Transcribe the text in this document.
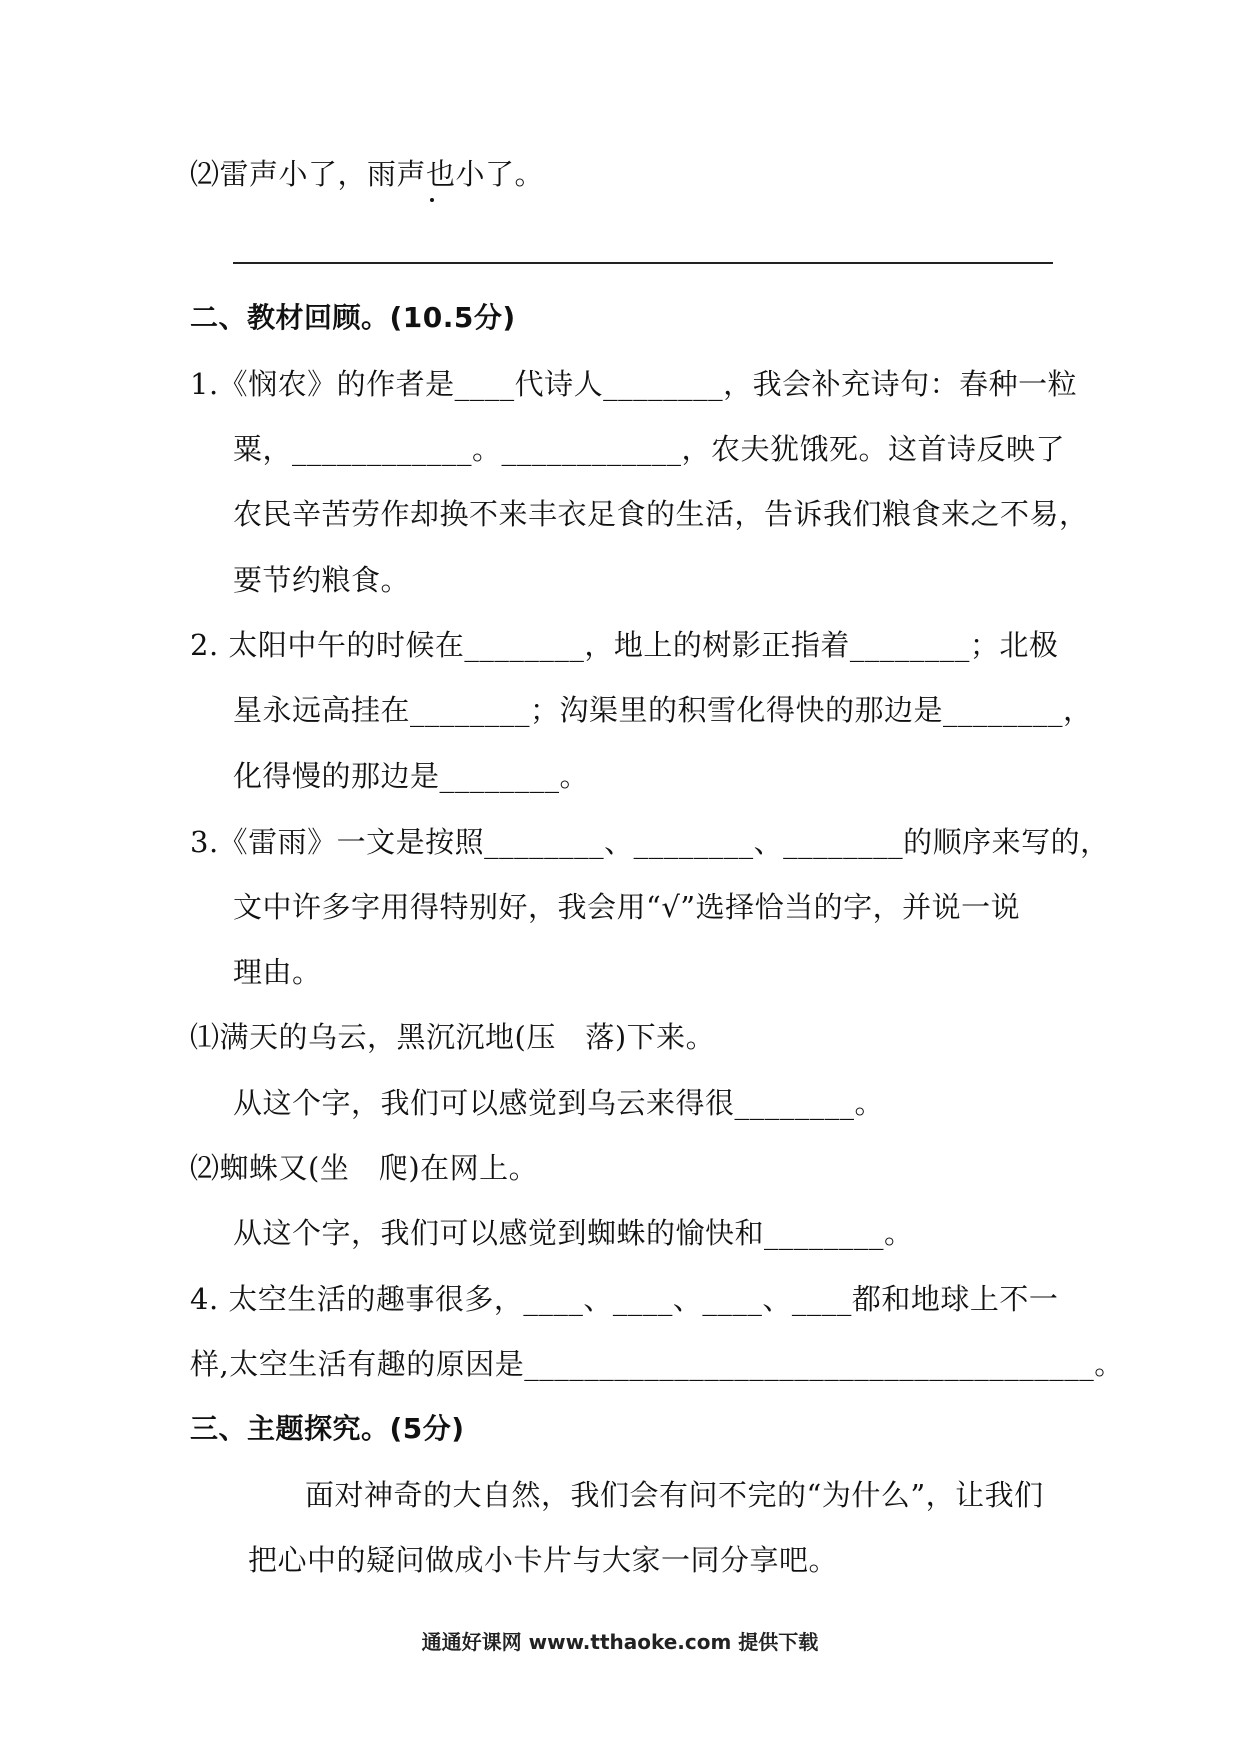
⑵雷声小了，雨声也小了。
二、教材回顾。(10.5分)
1.《悯农》的作者是____代诗人________，我会补充诗句：春种一粒
粟，____________。____________，农夫犹饿死。这首诗反映了
农民辛苦劳作却换不来丰衣足食的生活，告诉我们粮食来之不易，
要节约粮食。
2. 太阳中午的时候在________，地上的树影正指着________；北极
星永远高挂在________；沟渠里的积雪化得快的那边是________，
化得慢的那边是________。
3.《雷雨》一文是按照________、________、________的顺序来写的，
文中许多字用得特别好，我会用“√”选择恰当的字，并说一说
理由。
⑴满天的乌云，黑沉沉地(压　落)下来。
从这个字，我们可以感觉到乌云来得很________。
⑵蜘蛛又(坐　爬)在网上。
从这个字，我们可以感觉到蜘蛛的愉快和________。
4. 太空生活的趣事很多，____、____、____、____都和地球上不一
样,太空生活有趣的原因是______________________________________。
三、主题探究。(5分)
面对神奇的大自然，我们会有问不完的“为什么”，让我们
把心中的疑问做成小卡片与大家一同分享吧。
通通好课网 www.tthaoke.com 提供下载
